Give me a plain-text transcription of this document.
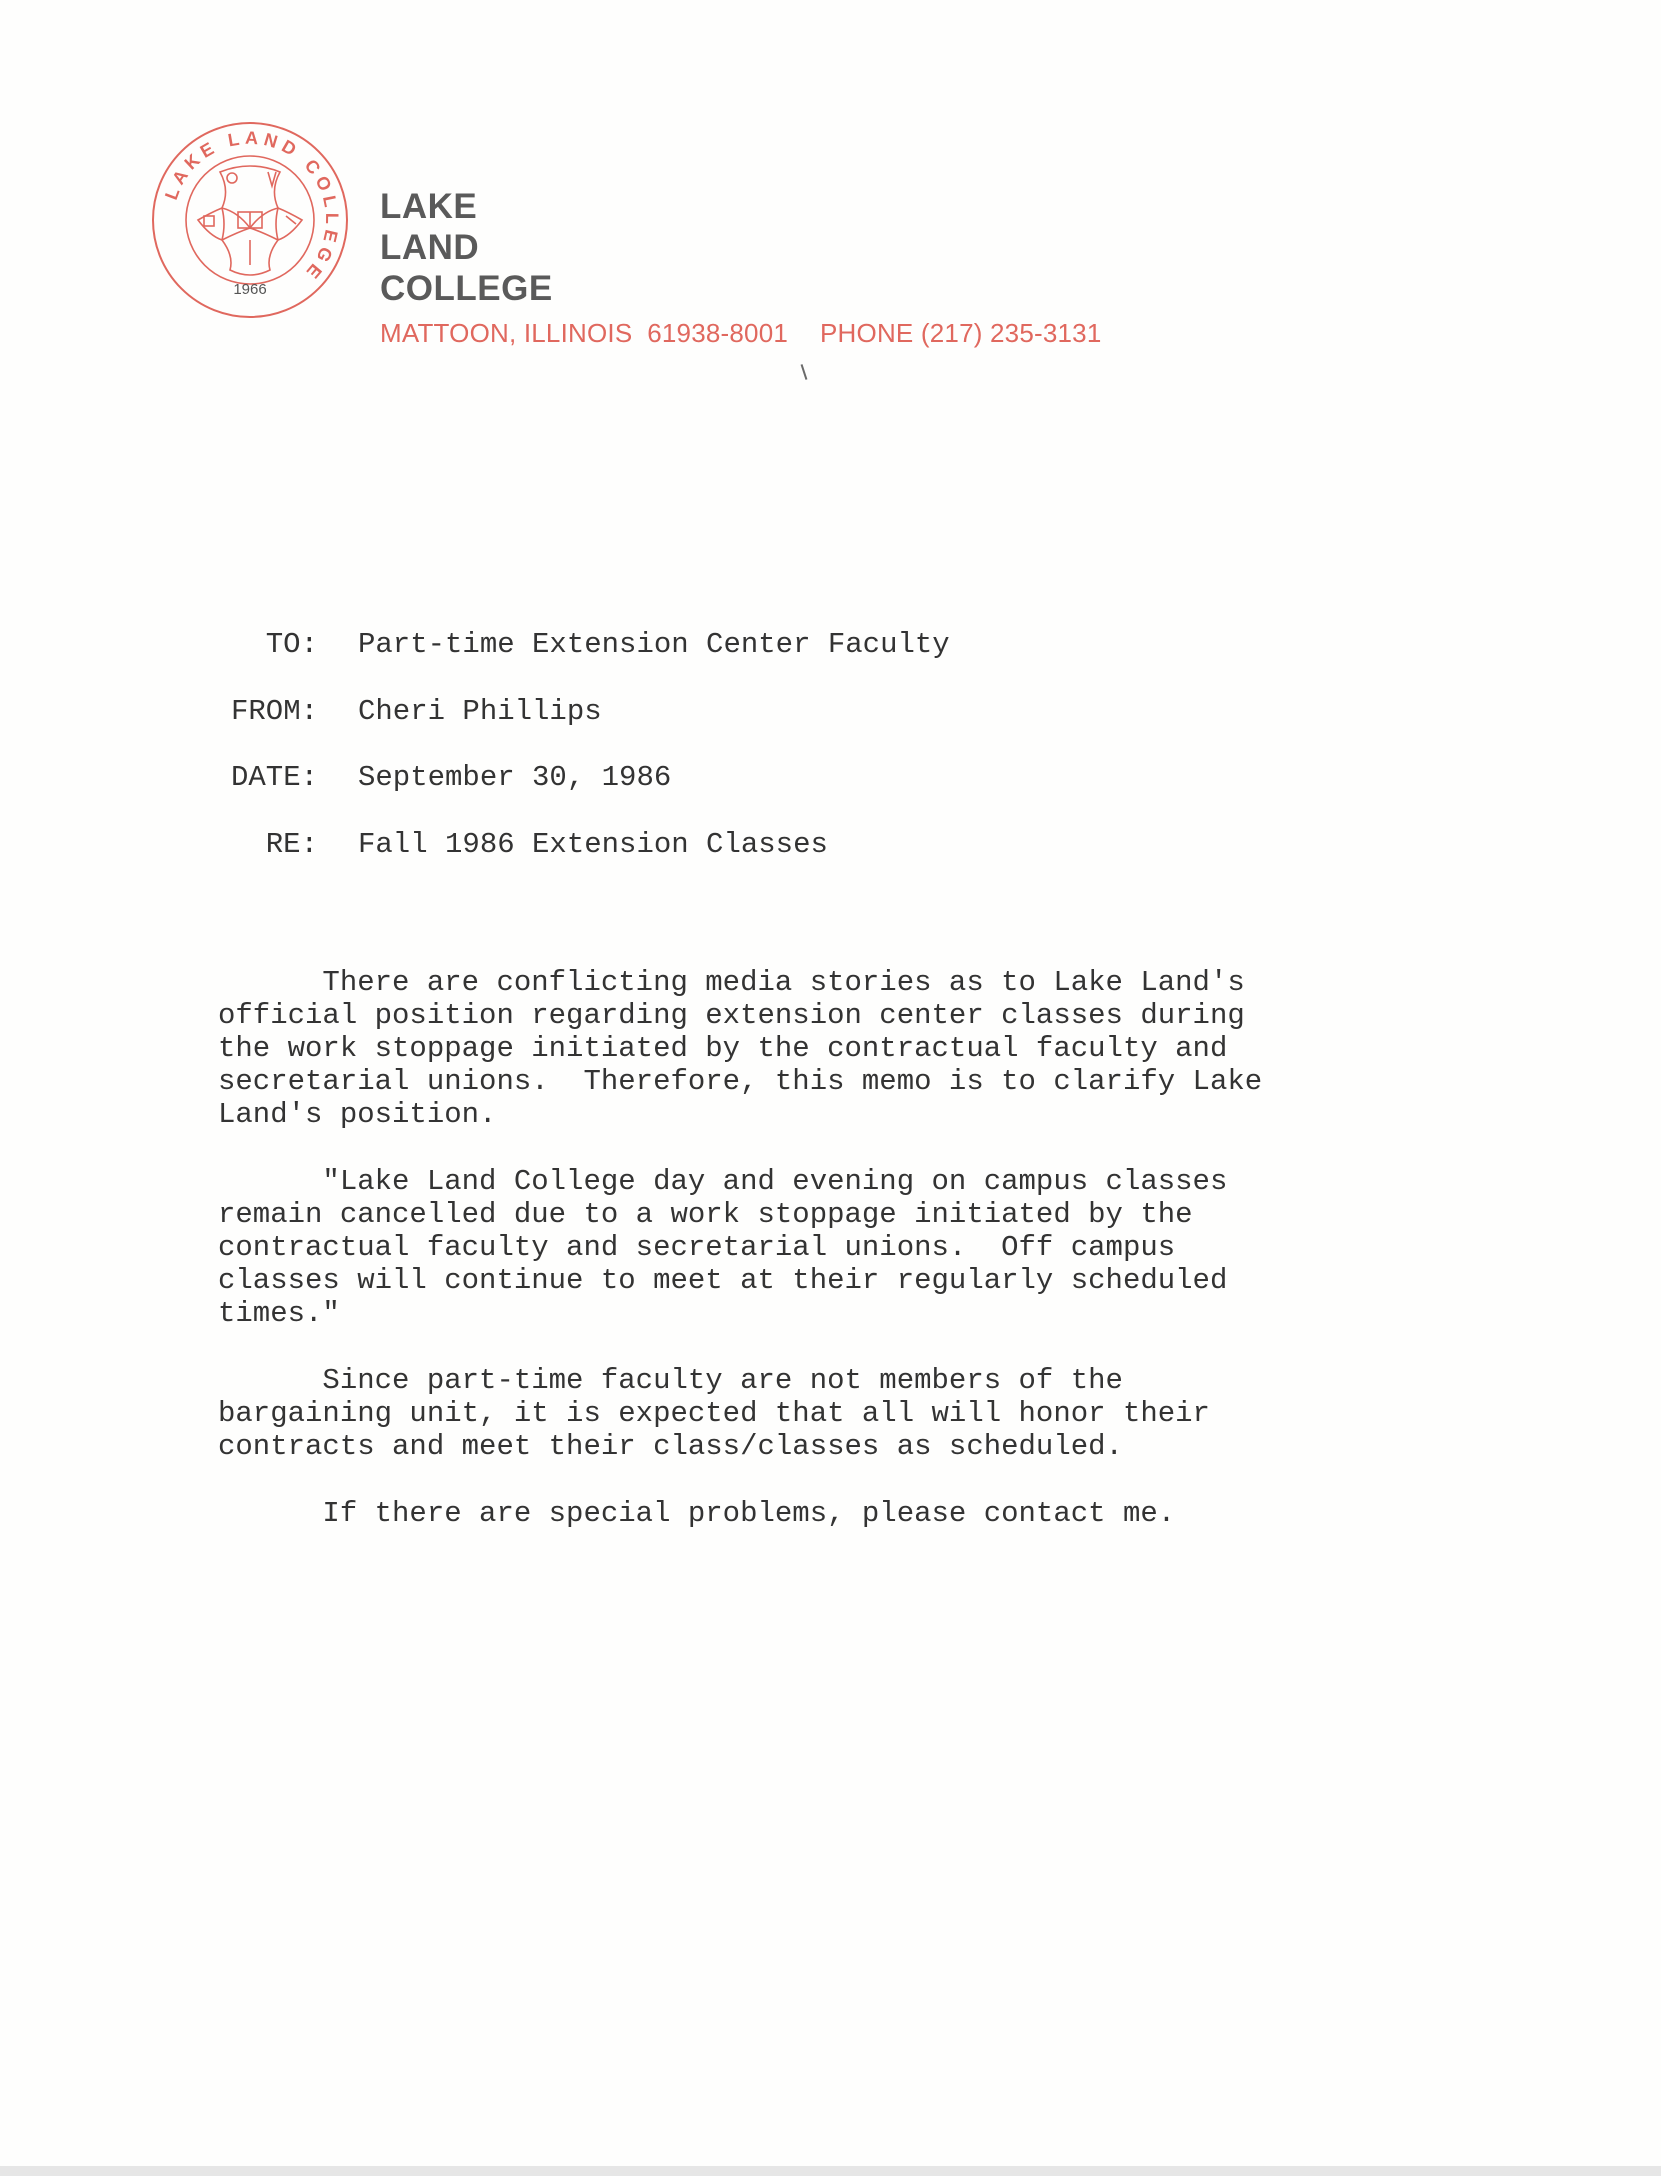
LAKE LAND COLLEGE
1966
LAKE
LAND
COLLEGE
MATTOON, ILLINOIS  61938-8001 PHONE (217) 235-3131
TO: Part-time Extension Center Faculty
FROM: Cheri Phillips
DATE: September 30, 1986
RE: Fall 1986 Extension Classes

There are conflicting media stories as to Lake Land's
official position regarding extension center classes during
the work stoppage initiated by the contractual faculty and
secretarial unions.  Therefore, this memo is to clarify Lake
Land's position.

"Lake Land College day and evening on campus classes
remain cancelled due to a work stoppage initiated by the
contractual faculty and secretarial unions.  Off campus
classes will continue to meet at their regularly scheduled
times."

Since part-time faculty are not members of the
bargaining unit, it is expected that all will honor their
contracts and meet their class/classes as scheduled.

If there are special problems, please contact me.
